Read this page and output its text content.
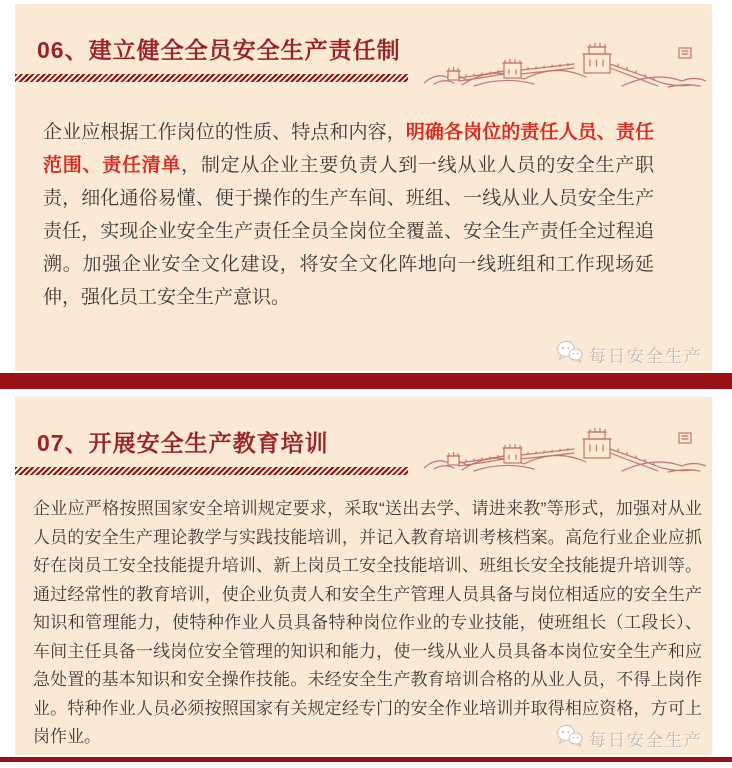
06、建立健全全员安全生产责任制

企业应根据工作岗位的性质、特点和内容，明确各岗位的责任人员、责任范围、责任清单，制定从企业主要负责人到一线从业人员的安全生产职责，细化通俗易懂、便于操作的生产车间、班组、一线从业人员安全生产责任，实现企业安全生产责任全员全岗位全覆盖、安全生产责任全过程追溯。加强企业安全文化建设，将安全文化阵地向一线班组和工作现场延伸，强化员工安全生产意识。

每日安全生产
07、开展安全生产教育培训

企业应严格按照国家安全培训规定要求，采取“送出去学、请进来教”等形式，加强对从业人员的安全生产理论教学与实践技能培训，并记入教育培训考核档案。高危行业企业应抓好在岗员工安全技能提升培训、新上岗员工安全技能培训、班组长安全技能提升培训等。通过经常性的教育培训，使企业负责人和安全生产管理人员具备与岗位相适应的安全生产知识和管理能力，使特种作业人员具备特种岗位作业的专业技能，使班组长（工段长）、车间主任具备一线岗位安全管理的知识和能力，使一线从业人员具备本岗位安全生产和应急处置的基本知识和安全操作技能。未经安全生产教育培训合格的从业人员，不得上岗作业。特种作业人员必须按照国家有关规定经专门的安全作业培训并取得相应资格，方可上岗作业。	每日安全生产
